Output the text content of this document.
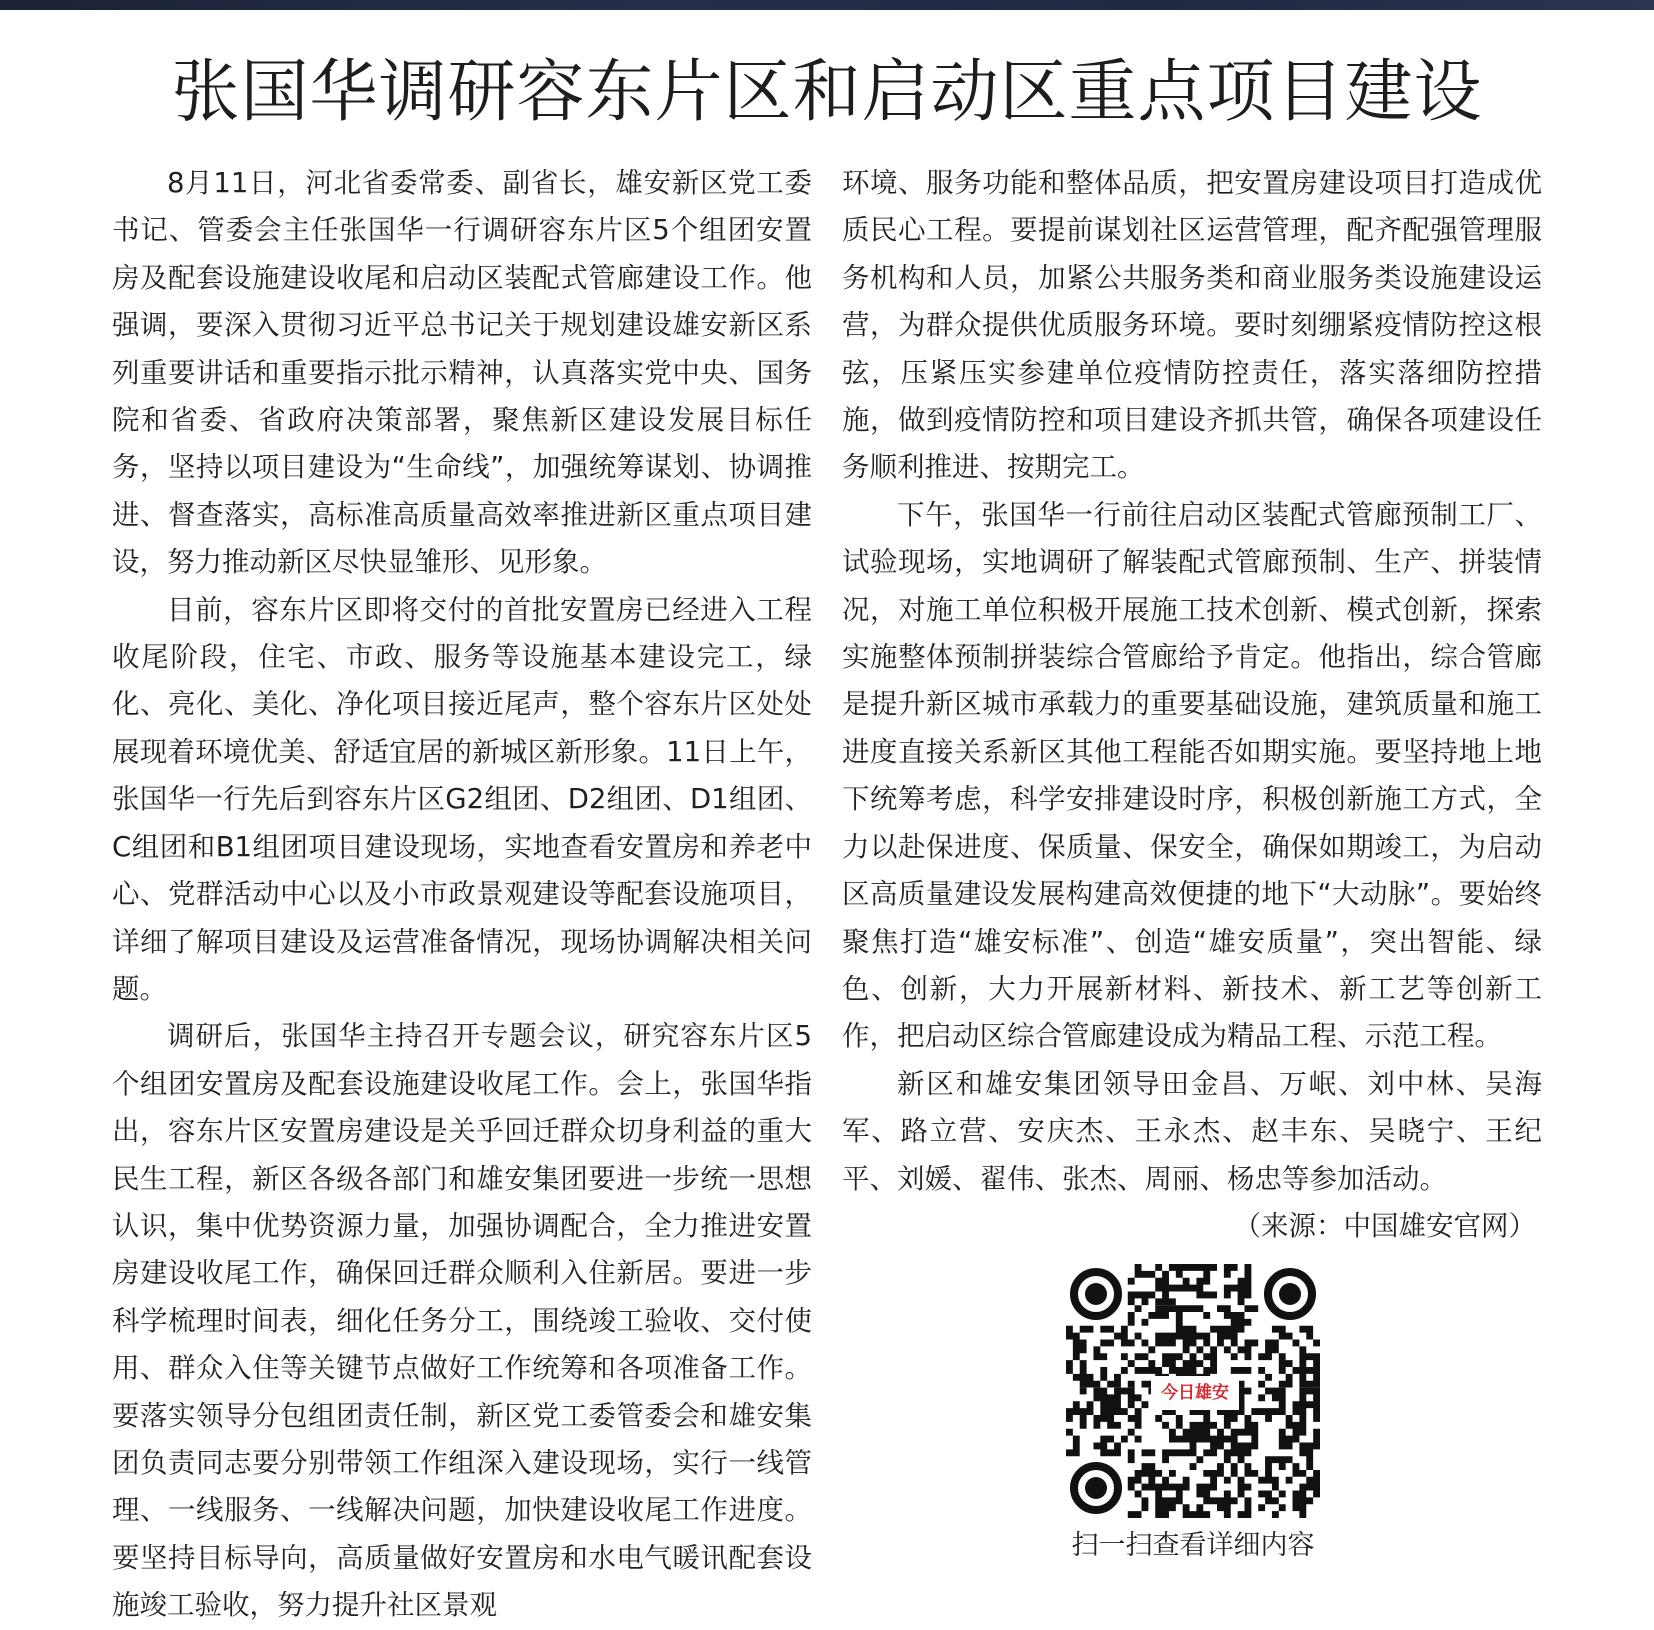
张国华调研容东片区和启动区重点项目建设

8月11日，河北省委常委、副省长，雄安新区党工委书记、管委会主任张国华一行调研容东片区5个组团安置房及配套设施建设收尾和启动区装配式管廊建设工作。他强调，要深入贯彻习近平总书记关于规划建设雄安新区系列重要讲话和重要指示批示精神，认真落实党中央、国务院和省委、省政府决策部署，聚焦新区建设发展目标任务，坚持以项目建设为“生命线”，加强统筹谋划、协调推进、督查落实，高标准高质量高效率推进新区重点项目建设，努力推动新区尽快显雏形、见形象。

目前，容东片区即将交付的首批安置房已经进入工程收尾阶段，住宅、市政、服务等设施基本建设完工，绿化、亮化、美化、净化项目接近尾声，整个容东片区处处展现着环境优美、舒适宜居的新城区新形象。11日上午，张国华一行先后到容东片区G2组团、D2组团、D1组团、C组团和B1组团项目建设现场，实地查看安置房和养老中心、党群活动中心以及小市政景观建设等配套设施项目，详细了解项目建设及运营准备情况，现场协调解决相关问题。

调研后，张国华主持召开专题会议，研究容东片区5个组团安置房及配套设施建设收尾工作。会上，张国华指出，容东片区安置房建设是关乎回迁群众切身利益的重大民生工程，新区各级各部门和雄安集团要进一步统一思想认识，集中优势资源力量，加强协调配合，全力推进安置房建设收尾工作，确保回迁群众顺利入住新居。要进一步科学梳理时间表，细化任务分工，围绕竣工验收、交付使用、群众入住等关键节点做好工作统筹和各项准备工作。要落实领导分包组团责任制，新区党工委管委会和雄安集团负责同志要分别带领工作组深入建设现场，实行一线管理、一线服务、一线解决问题，加快建设收尾工作进度。要坚持目标导向，高质量做好安置房和水电气暖讯配套设施竣工验收，努力提升社区景观

环境、服务功能和整体品质，把安置房建设项目打造成优质民心工程。要提前谋划社区运营管理，配齐配强管理服务机构和人员，加紧公共服务类和商业服务类设施建设运营，为群众提供优质服务环境。要时刻绷紧疫情防控这根弦，压紧压实参建单位疫情防控责任，落实落细防控措施，做到疫情防控和项目建设齐抓共管，确保各项建设任务顺利推进、按期完工。

下午，张国华一行前往启动区装配式管廊预制工厂、试验现场，实地调研了解装配式管廊预制、生产、拼装情况，对施工单位积极开展施工技术创新、模式创新，探索实施整体预制拼装综合管廊给予肯定。他指出，综合管廊是提升新区城市承载力的重要基础设施，建筑质量和施工进度直接关系新区其他工程能否如期实施。要坚持地上地下统筹考虑，科学安排建设时序，积极创新施工方式，全力以赴保进度、保质量、保安全，确保如期竣工，为启动区高质量建设发展构建高效便捷的地下“大动脉”。要始终聚焦打造“雄安标准”、创造“雄安质量”，突出智能、绿色、创新，大力开展新材料、新技术、新工艺等创新工作，把启动区综合管廊建设成为精品工程、示范工程。

新区和雄安集团领导田金昌、万岷、刘中林、吴海军、路立营、安庆杰、王永杰、赵丰东、吴晓宁、王纪平、刘媛、翟伟、张杰、周丽、杨忠等参加活动。

（来源：中国雄安官网）

今日雄安
扫一扫查看详细内容
